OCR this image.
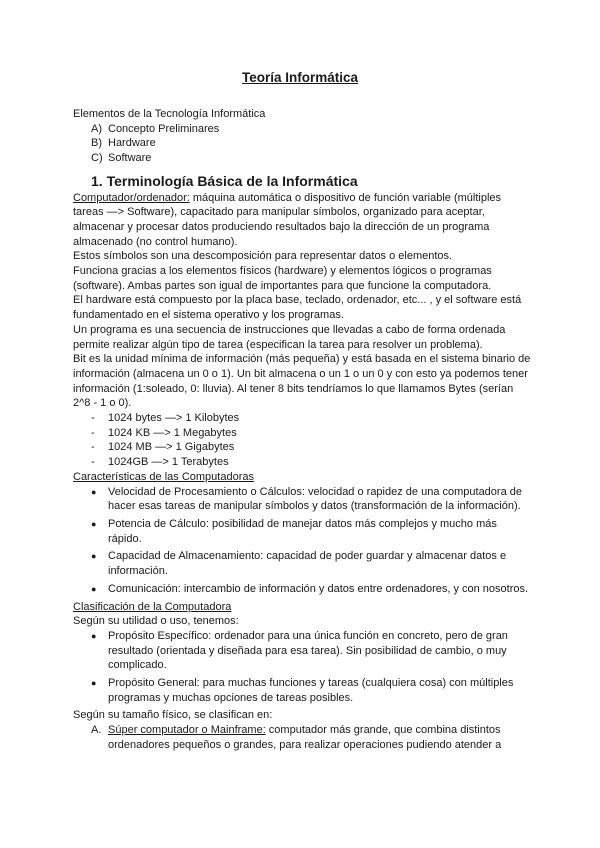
Teoría Informática

Elementos de la Tecnología Informática

A) Concepto Preliminares
B) Hardware
C) Software
1. Terminología Básica de la Informática

Computador/ordenador: máquina automática o dispositivo de función variable (múltiples tareas —> Software), capacitado para manipular símbolos, organizado para aceptar, almacenar y procesar datos produciendo resultados bajo la dirección de un programa almacenado (no control humano).

Estos símbolos son una descomposición para representar datos o elementos.

Funciona gracias a los elementos físicos (hardware) y elementos lógicos o programas (software). Ambas partes son igual de importantes para que funcione la computadora.

El hardware está compuesto por la placa base, teclado, ordenador, etc... , y el software está fundamentado en el sistema operativo y los programas.

Un programa es una secuencia de instrucciones que llevadas a cabo de forma ordenada permite realizar algún tipo de tarea (especifican la tarea para resolver un problema).

Bit es la unidad mínima de información (más pequeña) y está basada en el sistema binario de información (almacena un 0 o 1). Un bit almacena o un 1 o un 0 y con esto ya podemos tener información (1:soleado, 0: lluvia). Al tener 8 bits tendríamos lo que llamamos Bytes (serían 2^8 - 1 o 0).

- 1024 bytes —> 1 Kilobytes
- 1024 KB —> 1 Megabytes
- 1024 MB —> 1 Gigabytes
- 1024GB —> 1 Terabytes

Características de las Computadoras

● Velocidad de Procesamiento o Cálculos: velocidad o rapidez de una computadora de hacer esas tareas de manipular símbolos y datos (transformación de la información).
● Potencia de Cálculo: posibilidad de manejar datos más complejos y mucho más rápido.
● Capacidad de Almacenamiento: capacidad de poder guardar y almacenar datos e información.
● Comunicación: intercambio de información y datos entre ordenadores, y con nosotros.

Clasificación de la Computadora

Según su utilidad o uso, tenemos:

● Propósito Específico: ordenador para una única función en concreto, pero de gran resultado (orientada y diseñada para esa tarea). Sin posibilidad de cambio, o muy complicado.
● Propósito General: para muchas funciones y tareas (cualquiera cosa) con múltiples programas y muchas opciones de tareas posibles.

Según su tamaño físico, se clasifican en:

A. Súper computador o Mainframe: computador más grande, que combina distintos ordenadores pequeños o grandes, para realizar operaciones pudiendo atender a
